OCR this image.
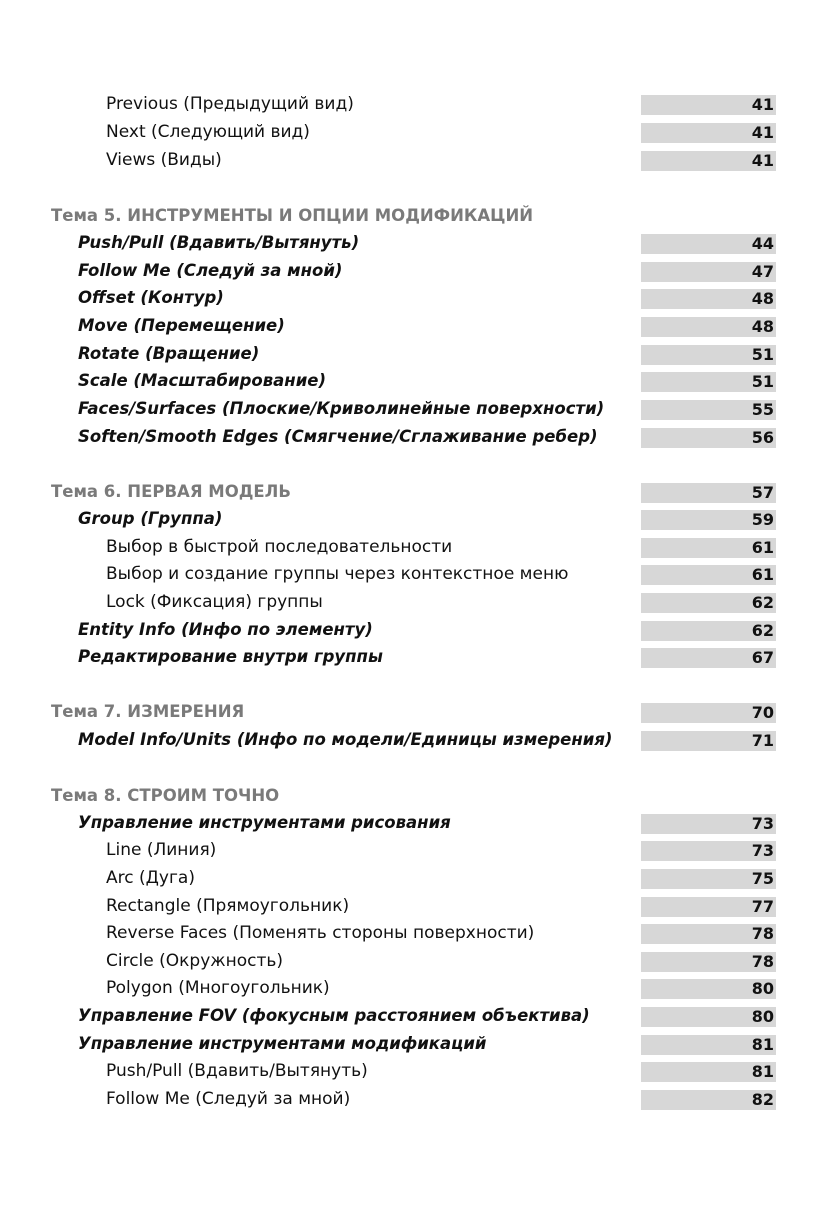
Previous (Предыдущий вид)	41
Next (Следующий вид)	41
Views (Виды)	41
Тема 5. ИНСТРУМЕНТЫ И ОПЦИИ МОДИФИКАЦИЙ
Push/Pull (Вдавить/Вытянуть)	44
Follow Me (Следуй за мной)	47
Offset (Контур)	48
Move (Перемещение)	48
Rotate (Вращение)	51
Scale (Масштабирование)	51
Faces/Surfaces (Плоские/Криволинейные поверхности)	55
Soften/Smooth Edges (Смягчение/Сглаживание ребер)	56
Тема 6. ПЕРВАЯ МОДЕЛЬ	57
Group (Группа)	59
Выбор в быстрой последовательности	61
Выбор и создание группы через контекстное меню	61
Lock (Фиксация) группы	62
Entity Info (Инфо по элементу)	62
Редактирование внутри группы	67
Тема 7. ИЗМЕРЕНИЯ	70
Model Info/Units (Инфо по модели/Единицы измерения)	71
Тема 8. СТРОИМ ТОЧНО
Управление инструментами рисования	73
Line (Линия)	73
Arc (Дуга)	75
Rectangle (Прямоугольник)	77
Reverse Faces (Поменять стороны поверхности)	78
Circle (Окружность)	78
Polygon (Многоугольник)	80
Управление FOV (фокусным расстоянием объектива)	80
Управление инструментами модификаций	81
Push/Pull (Вдавить/Вытянуть)	81
Follow Me (Следуй за мной)	82
